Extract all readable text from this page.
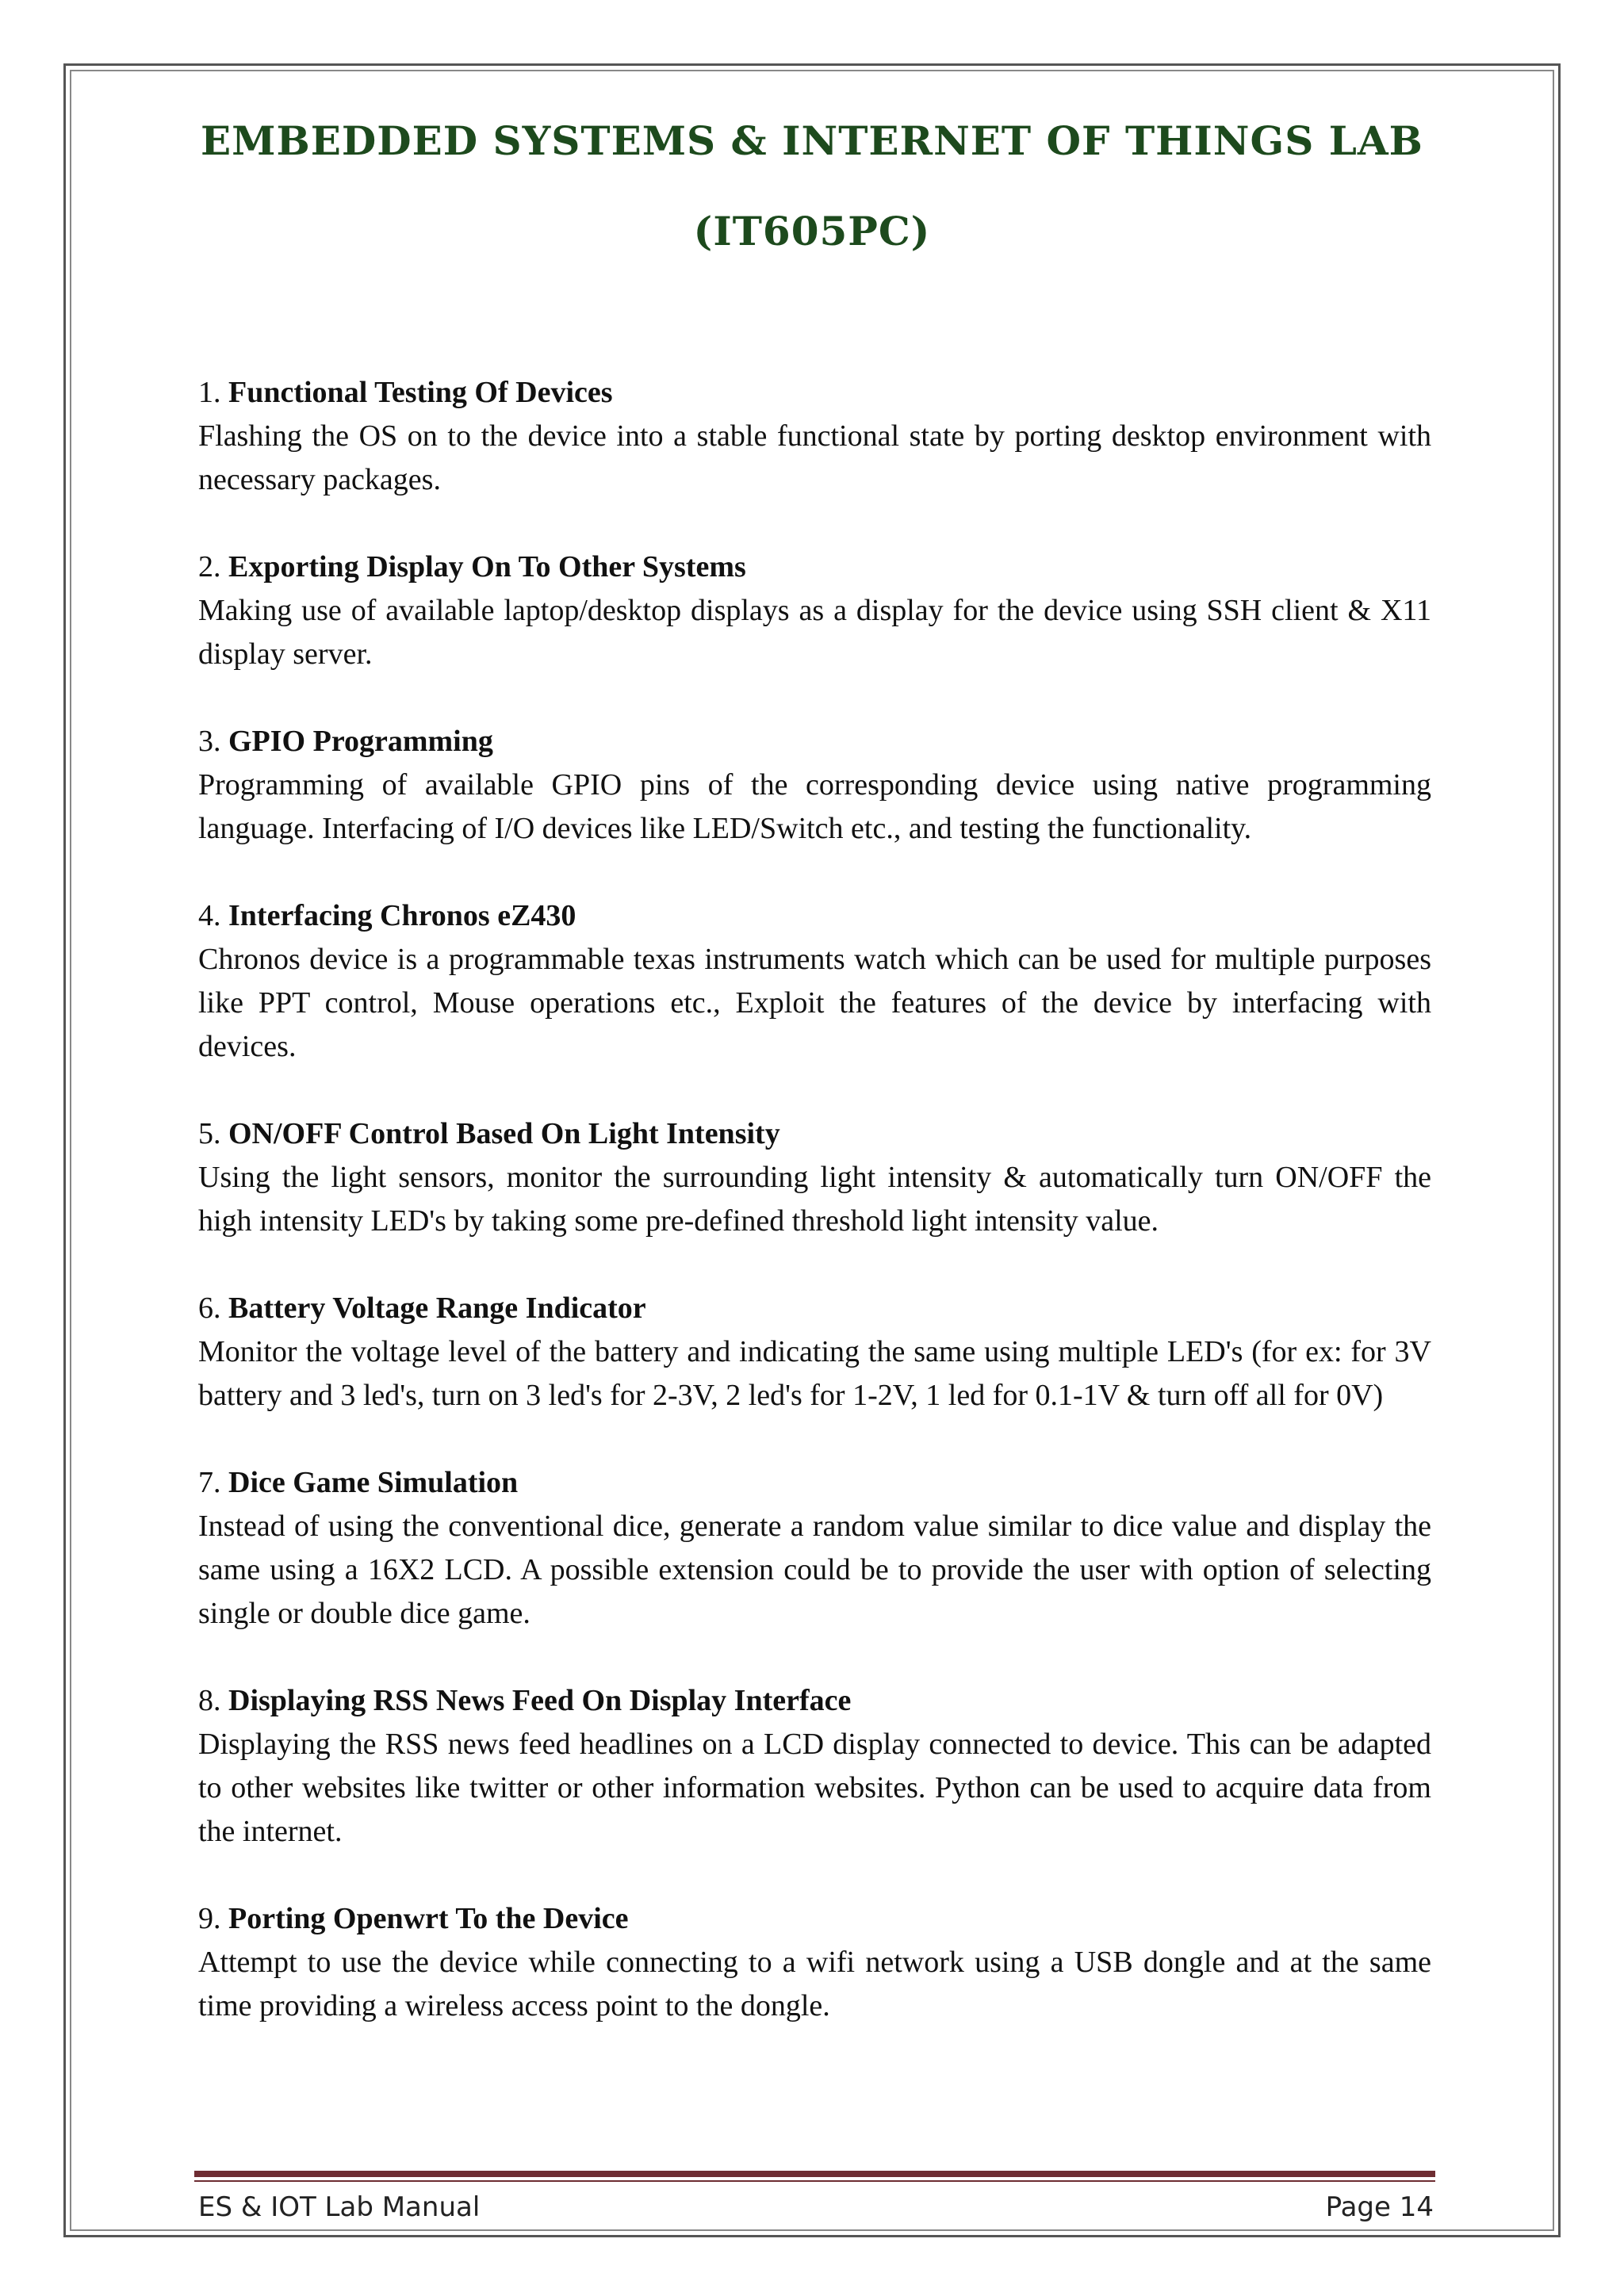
EMBEDDED SYSTEMS & INTERNET OF THINGS LAB
(IT605PC)

1. Functional Testing Of Devices

Flashing the OS on to the device into a stable functional state by porting desktop environment with necessary packages.

2. Exporting Display On To Other Systems

Making use of available laptop/desktop displays as a display for the device using SSH client & X11 display server.

3. GPIO Programming

Programming of available GPIO pins of the corresponding device using native programming language. Interfacing of I/O devices like LED/Switch etc., and testing the functionality.

4. Interfacing Chronos eZ430

Chronos device is a programmable texas instruments watch which can be used for multiple purposes like PPT control, Mouse operations etc., Exploit the features of the device by interfacing with devices.

5. ON/OFF Control Based On Light Intensity

Using the light sensors, monitor the surrounding light intensity & automatically turn ON/OFF the high intensity LED's by taking some pre-defined threshold light intensity value.

6. Battery Voltage Range Indicator

Monitor the voltage level of the battery and indicating the same using multiple LED's (for ex: for 3V battery and 3 led's, turn on 3 led's for 2-3V, 2 led's for 1-2V, 1 led for 0.1-1V & turn off all for 0V)

7. Dice Game Simulation

Instead of using the conventional dice, generate a random value similar to dice value and display the same using a 16X2 LCD. A possible extension could be to provide the user with option of selecting single or double dice game.

8. Displaying RSS News Feed On Display Interface

Displaying the RSS news feed headlines on a LCD display connected to device. This can be adapted to other websites like twitter or other information websites. Python can be used to acquire data from the internet.

9. Porting Openwrt To the Device

Attempt to use the device while connecting to a wifi network using a USB dongle and at the same time providing a wireless access point to the dongle.

ES & IOT Lab Manual	Page 14
